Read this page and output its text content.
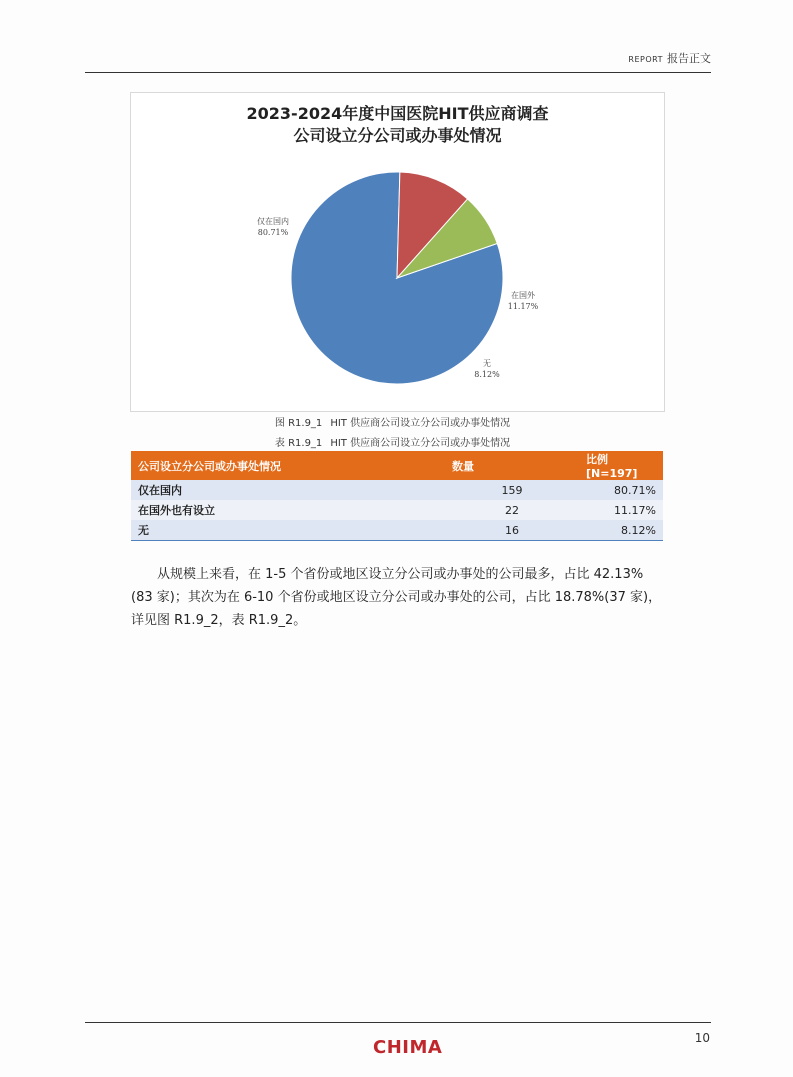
REPORT 报告正文
2023-2024年度中国医院HIT供应商调查
公司设立分公司或办事处情况
仅在国内
80.71%
在国外
11.17%
无
8.12%
图 R1.9_1 HIT 供应商公司设立分公司或办事处情况
表 R1.9_1 HIT 供应商公司设立分公司或办事处情况
公司设立分公司或办事处情况	数量	比例[N=197]
仅在国内	159	80.71%
在国外也有设立	22	11.17%
无	16	8.12%
从规模上来看，在 1-5 个省份或地区设立分公司或办事处的公司最多，占比 42.13%(83 家)；其次为在 6-10 个省份或地区设立分公司或办事处的公司，占比 18.78%(37 家)，详见图 R1.9_2，表 R1.9_2。
10
CHIMA
